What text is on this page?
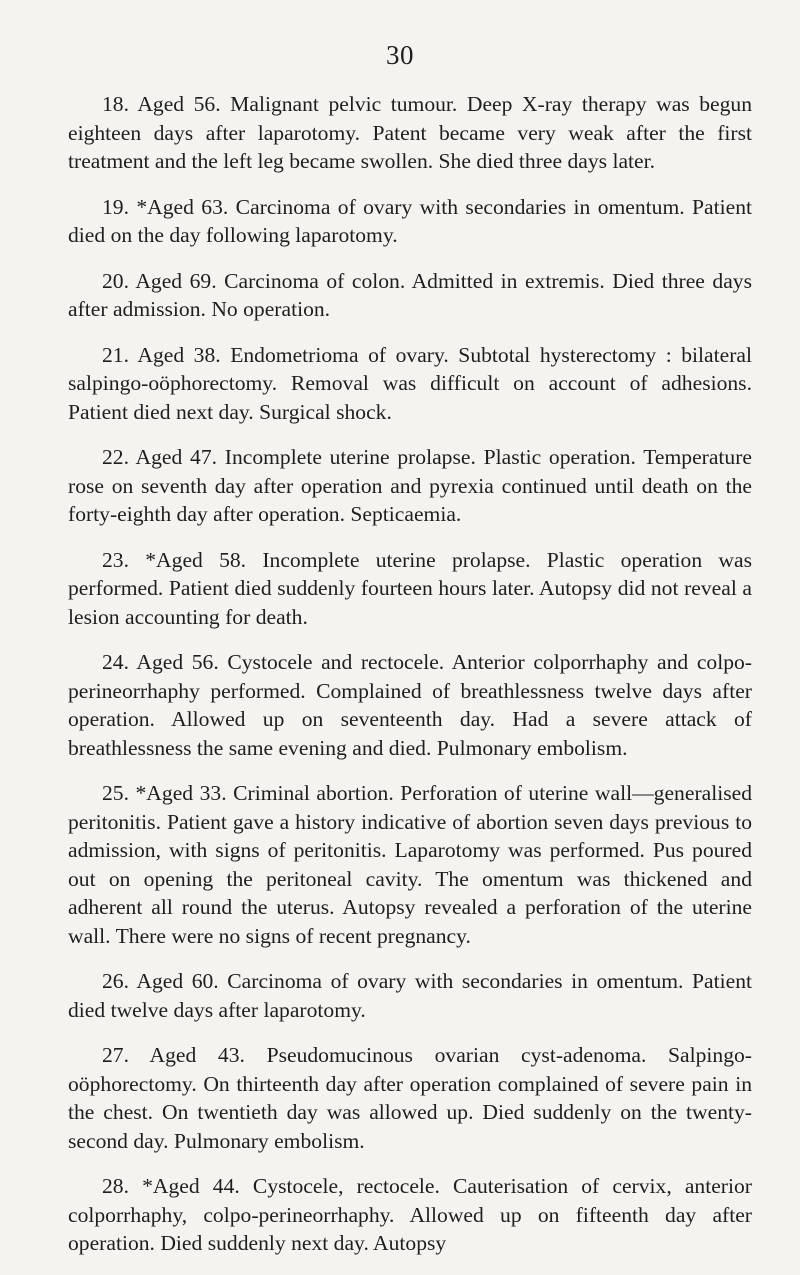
30

18. Aged 56. Malignant pelvic tumour. Deep X-ray therapy was begun eighteen days after laparotomy. Patent became very weak after the first treatment and the left leg became swollen. She died three days later.

19. *Aged 63. Carcinoma of ovary with secondaries in omentum. Patient died on the day following laparotomy.

20. Aged 69. Carcinoma of colon. Admitted in extremis. Died three days after admission. No operation.

21. Aged 38. Endometrioma of ovary. Subtotal hysterectomy : bilateral salpingo-oöphorectomy. Removal was difficult on account of adhesions. Patient died next day. Surgical shock.

22. Aged 47. Incomplete uterine prolapse. Plastic operation. Temperature rose on seventh day after operation and pyrexia continued until death on the forty-eighth day after operation. Septicaemia.

23. *Aged 58. Incomplete uterine prolapse. Plastic operation was performed. Patient died suddenly fourteen hours later. Autopsy did not reveal a lesion accounting for death.

24. Aged 56. Cystocele and rectocele. Anterior colporrhaphy and colpo-perineorrhaphy performed. Complained of breathlessness twelve days after operation. Allowed up on seventeenth day. Had a severe attack of breathlessness the same evening and died. Pulmonary embolism.

25. *Aged 33. Criminal abortion. Perforation of uterine wall—generalised peritonitis. Patient gave a history indicative of abortion seven days previous to admission, with signs of peritonitis. Laparotomy was performed. Pus poured out on opening the peritoneal cavity. The omentum was thickened and adherent all round the uterus. Autopsy revealed a perforation of the uterine wall. There were no signs of recent pregnancy.

26. Aged 60. Carcinoma of ovary with secondaries in omentum. Patient died twelve days after laparotomy.

27. Aged 43. Pseudomucinous ovarian cyst-adenoma. Salpingo-oöphorectomy. On thirteenth day after operation complained of severe pain in the chest. On twentieth day was allowed up. Died suddenly on the twenty-second day. Pulmonary embolism.

28. *Aged 44. Cystocele, rectocele. Cauterisation of cervix, anterior colporrhaphy, colpo-perineorrhaphy. Allowed up on fifteenth day after operation. Died suddenly next day. Autopsy
